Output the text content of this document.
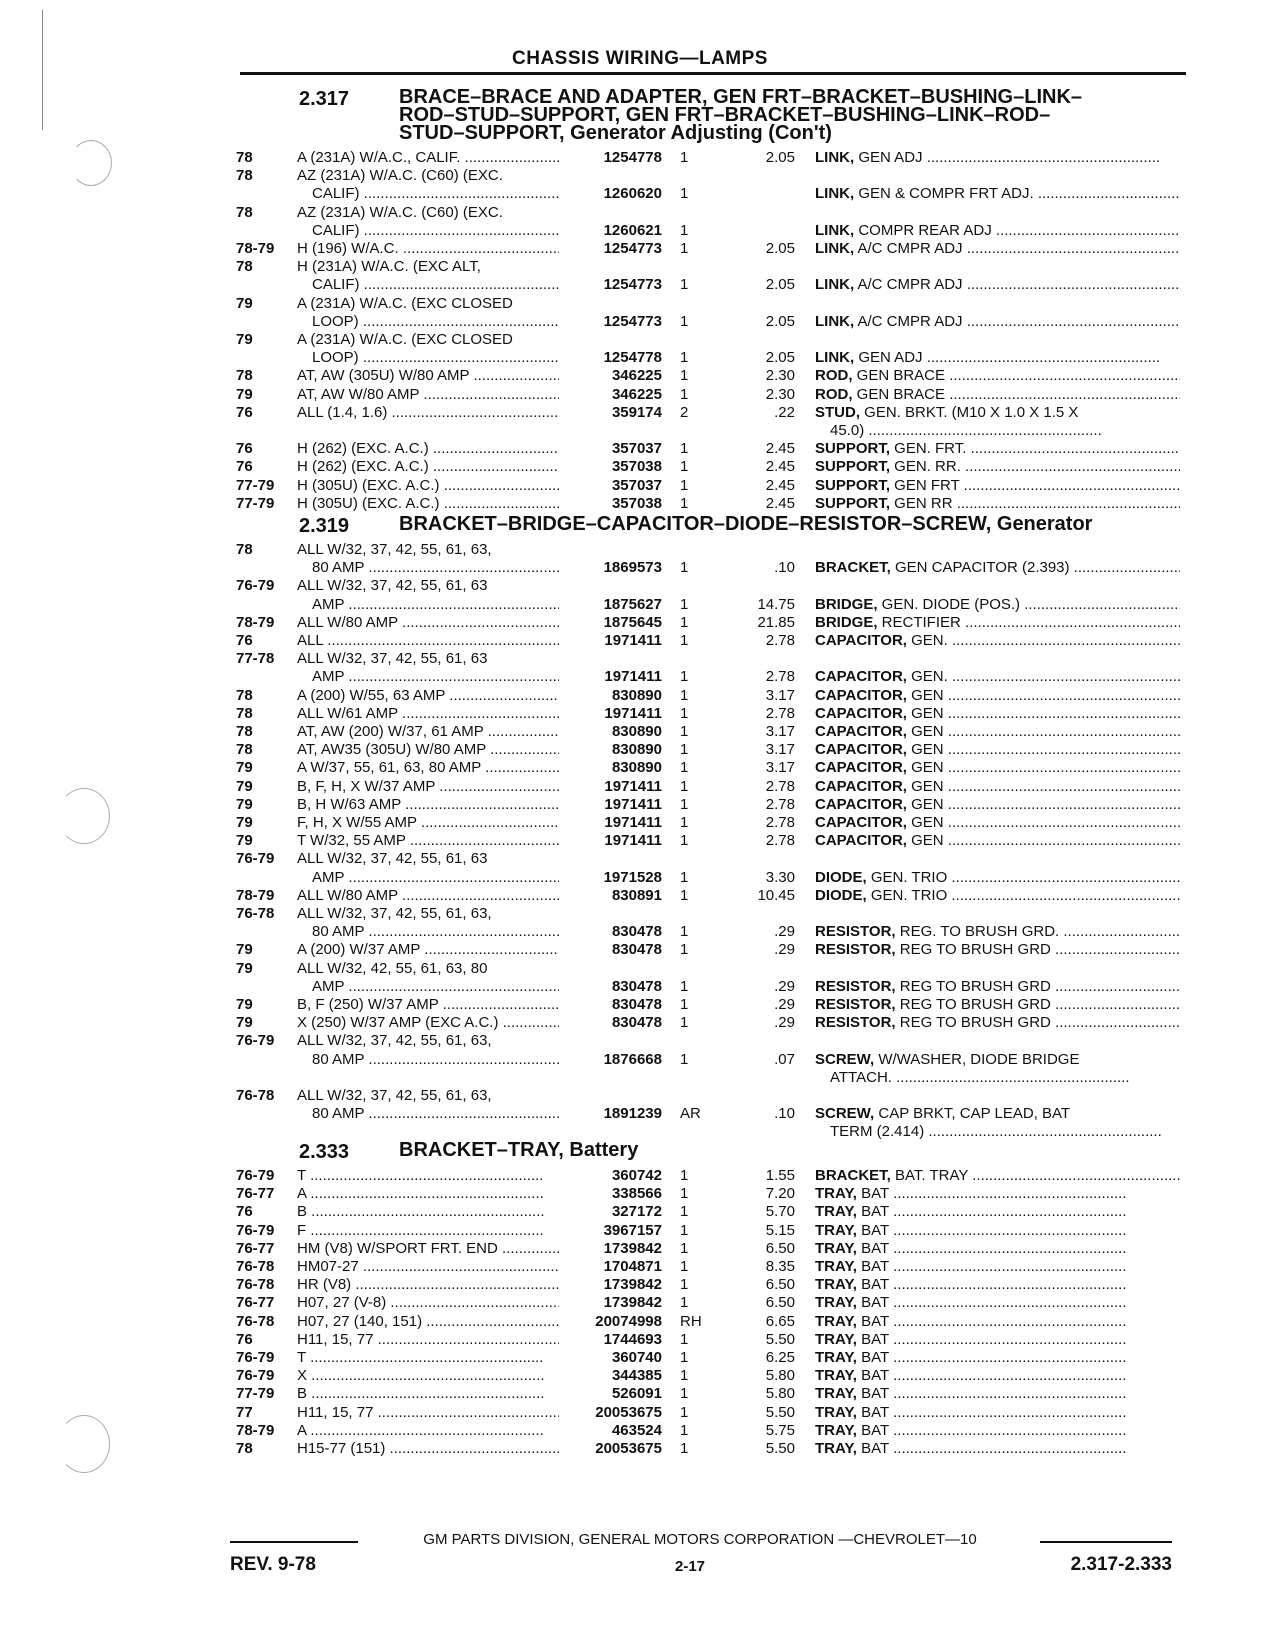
CHASSIS WIRING—LAMPS
2.317 BRACE–BRACE AND ADAPTER, GEN FRT–BRACKET–BUSHING–LINK–
ROD–STUD–SUPPORT, GEN FRT–BRACKET–BUSHING–LINK–ROD–
STUD–SUPPORT, Generator Adjusting (Con't)
78	A (231A) W/A.C., CALIF. .....	1254778 1	2.05 LINK, GEN ADJ .....
78	AZ (231A) W/A.C. (C60) (EXC.
CALIF) .....	1260620 1	LINK, GEN & COMPR FRT ADJ. .....
78	AZ (231A) W/A.C. (C60) (EXC.
CALIF) .....	1260621 1	LINK, COMPR REAR ADJ .....
78-79 H (196) W/A.C. .....	1254773 1	2.05 LINK, A/C CMPR ADJ .....
78	H (231A) W/A.C. (EXC ALT,
CALIF) .....	1254773 1	2.05 LINK, A/C CMPR ADJ .....
79	A (231A) W/A.C. (EXC CLOSED
LOOP) .....	1254773 1	2.05 LINK, A/C CMPR ADJ .....
79	A (231A) W/A.C. (EXC CLOSED
LOOP) .....	1254778 1	2.05 LINK, GEN ADJ .....
78	AT, AW (305U) W/80 AMP .....	346225 1	2.30 ROD, GEN BRACE .....
79	AT, AW W/80 AMP .....	346225 1	2.30 ROD, GEN BRACE .....
76	ALL (1.4, 1.6) .....	359174 2	.22 STUD, GEN. BRKT. (M10 X 1.0 X 1.5 X
45.0) .....
76	H (262) (EXC. A.C.) .....	357037 1	2.45 SUPPORT, GEN. FRT. .....
76	H (262) (EXC. A.C.) .....	357038 1	2.45 SUPPORT, GEN. RR. .....
77-79 H (305U) (EXC. A.C.) .....	357037 1	2.45 SUPPORT, GEN FRT .....
77-79 H (305U) (EXC. A.C.) .....	357038 1	2.45 SUPPORT, GEN RR .....
2.319 BRACKET–BRIDGE–CAPACITOR–DIODE–RESISTOR–SCREW, Generator
78	ALL W/32, 37, 42, 55, 61, 63,
80 AMP .....	1869573 1	.10 BRACKET, GEN CAPACITOR (2.393) .....
76-79 ALL W/32, 37, 42, 55, 61, 63
AMP .....	1875627 1	14.75 BRIDGE, GEN. DIODE (POS.) .....
78-79 ALL W/80 AMP .....	1875645 1	21.85 BRIDGE, RECTIFIER .....
76	ALL .....	1971411 1	2.78 CAPACITOR, GEN. .....
77-78 ALL W/32, 37, 42, 55, 61, 63
AMP .....	1971411 1	2.78 CAPACITOR, GEN. .....
78	A (200) W/55, 63 AMP .....	830890 1	3.17 CAPACITOR, GEN .....
78	ALL W/61 AMP .....	1971411 1	2.78 CAPACITOR, GEN .....
78	AT, AW (200) W/37, 61 AMP .....	830890 1	3.17 CAPACITOR, GEN .....
78	AT, AW35 (305U) W/80 AMP .....	830890 1	3.17 CAPACITOR, GEN .....
79	A W/37, 55, 61, 63, 80 AMP .....	830890 1	3.17 CAPACITOR, GEN .....
79	B, F, H, X W/37 AMP .....	1971411 1	2.78 CAPACITOR, GEN .....
79	B, H W/63 AMP .....	1971411 1	2.78 CAPACITOR, GEN .....
79	F, H, X W/55 AMP .....	1971411 1	2.78 CAPACITOR, GEN .....
79	T W/32, 55 AMP .....	1971411 1	2.78 CAPACITOR, GEN .....
76-79 ALL W/32, 37, 42, 55, 61, 63
AMP .....	1971528 1	3.30 DIODE, GEN. TRIO .....
78-79 ALL W/80 AMP .....	830891 1	10.45 DIODE, GEN. TRIO .....
76-78 ALL W/32, 37, 42, 55, 61, 63,
80 AMP .....	830478 1	.29 RESISTOR, REG. TO BRUSH GRD. .....
79	A (200) W/37 AMP .....	830478 1	.29 RESISTOR, REG TO BRUSH GRD .....
79	ALL W/32, 42, 55, 61, 63, 80
AMP .....	830478 1	.29 RESISTOR, REG TO BRUSH GRD .....
79	B, F (250) W/37 AMP .....	830478 1	.29 RESISTOR, REG TO BRUSH GRD .....
79	X (250) W/37 AMP (EXC A.C.) .....	830478 1	.29 RESISTOR, REG TO BRUSH GRD .....
76-79 ALL W/32, 37, 42, 55, 61, 63,
80 AMP .....	1876668 1	.07 SCREW, W/WASHER, DIODE BRIDGE
ATTACH. .....
76-78 ALL W/32, 37, 42, 55, 61, 63,
80 AMP .....	1891239 AR	.10 SCREW, CAP BRKT, CAP LEAD, BAT
TERM (2.414) .....
2.333 BRACKET–TRAY, Battery
76-79 T .....	360742 1	1.55 BRACKET, BAT. TRAY .....
76-77 A .....	338566 1	7.20 TRAY, BAT .....
76	B .....	327172 1	5.70 TRAY, BAT .....
76-79 F .....	3967157 1	5.15 TRAY, BAT .....
76-77 HM (V8) W/SPORT FRT. END .....	1739842 1	6.50 TRAY, BAT .....
76-78 HM07-27 .....	1704871 1	8.35 TRAY, BAT .....
76-78 HR (V8) .....	1739842 1	6.50 TRAY, BAT .....
76-77 H07, 27 (V-8) .....	1739842 1	6.50 TRAY, BAT .....
76-78 H07, 27 (140, 151) .....	20074998 RH	6.65 TRAY, BAT .....
76	H11, 15, 77 .....	1744693 1	5.50 TRAY, BAT .....
76-79 T .....	360740 1	6.25 TRAY, BAT .....
76-79 X .....	344385 1	5.80 TRAY, BAT .....
77-79 B .....	526091 1	5.80 TRAY, BAT .....
77	H11, 15, 77 .....	20053675 1	5.50 TRAY, BAT .....
78-79 A .....	463524 1	5.75 TRAY, BAT .....
78	H15-77 (151) .....	20053675 1	5.50 TRAY, BAT .....
GM PARTS DIVISION, GENERAL MOTORS CORPORATION —CHEVROLET—10
REV. 9-78	2-17	2.317-2.333
